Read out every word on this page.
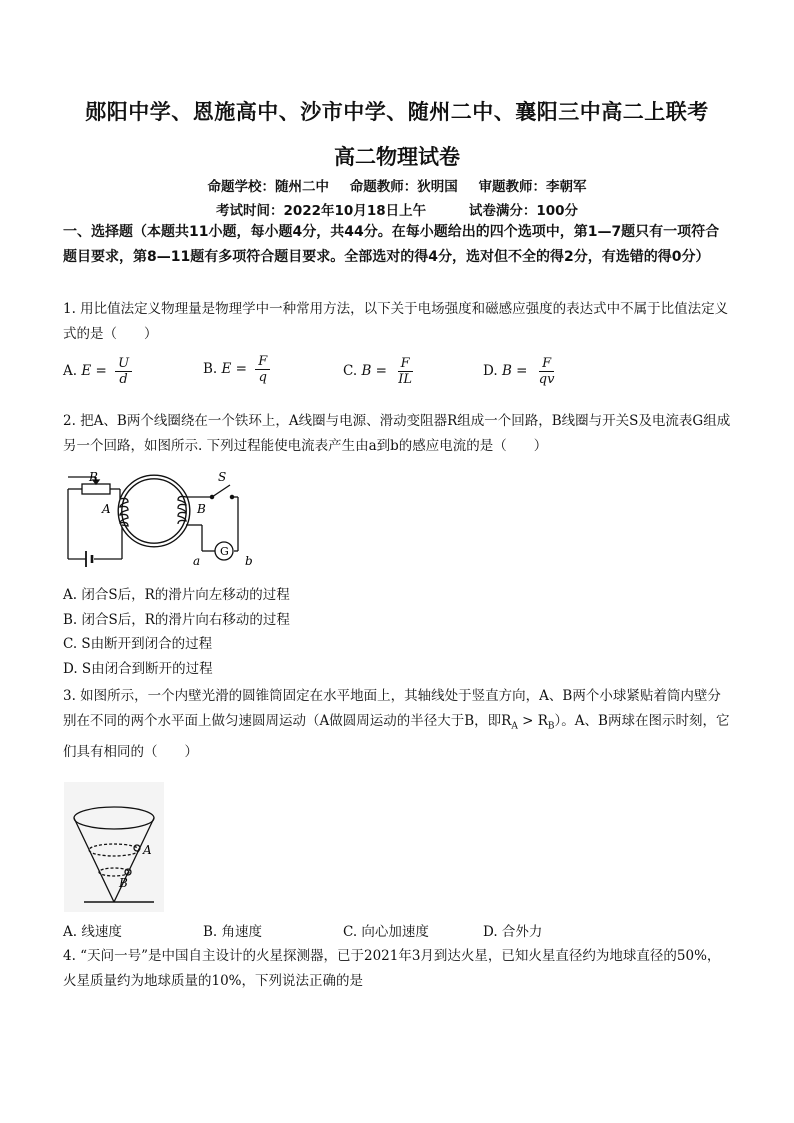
郧阳中学、恩施高中、沙市中学、随州二中、襄阳三中高二上联考
高二物理试卷
命题学校：随州二中 命题教师：狄明国 审题教师：李朝军
考试时间：2022年10月18日上午	试卷满分：100分
一、选择题（本题共11小题，每小题4分，共44分。在每小题给出的四个选项中，第1—7题只有一项符合题目要求，第8—11题有多项符合题目要求。全部选对的得4分，选对但不全的得2分，有选错的得0分）
1. 用比值法定义物理量是物理学中一种常用方法，以下关于电场强度和磁感应强度的表达式中不属于比值法定义式的是（　　）
A. $E = \frac{U}{d}$	B. $E = \frac{F}{q}$	C. $B = \frac{F}{IL}$	D. $B = \frac{F}{qv}$
2. 把A、B两个线圈绕在一个铁环上，A线圈与电源、滑动变阻器R组成一个回路，B线圈与开关S及电流表G组成另一个回路，如图所示. 下列过程能使电流表产生由a到b的感应电流的是（　　）
R	S
A	B
G
a	b
A. 闭合S后，R的滑片向左移动的过程
B. 闭合S后，R的滑片向右移动的过程
C. S由断开到闭合的过程
D. S由闭合到断开的过程
3. 如图所示，一个内壁光滑的圆锥筒固定在水平地面上，其轴线处于竖直方向，A、B两个小球紧贴着筒内壁分别在不同的两个水平面上做匀速圆周运动（A做圆周运动的半径大于B，即$R_A > R_B$）。A、B两球在图示时刻，它们具有相同的（　　）
A
B
A. 线速度	B. 角速度	C. 向心加速度	D. 合外力
4. “天问一号”是中国自主设计的火星探测器，已于2021年3月到达火星，已知火星直径约为地球直径的50%，火星质量约为地球质量的10%，下列说法正确的是
